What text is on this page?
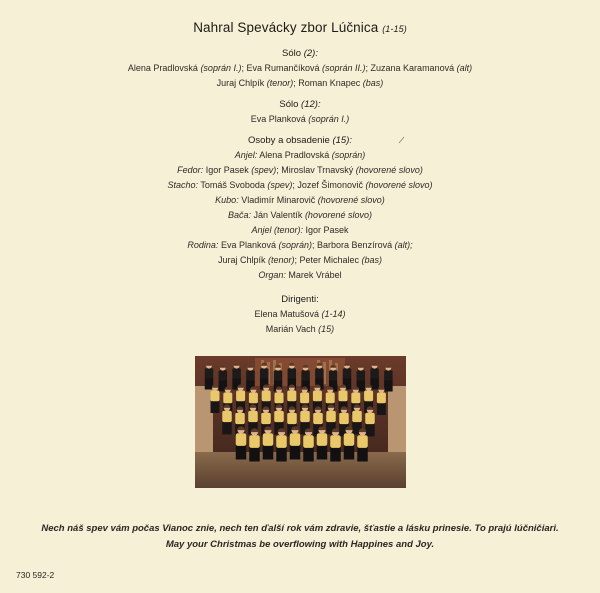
Nahral Spevácky zbor Lúčnica (1-15)
Sólo (2):
Alena Pradlovská (soprán I.); Eva Rumančíková (soprán II.); Zuzana Karamanová (alt)
Juraj Chlpík (tenor); Roman Knapec (bas)
Sólo (12):
Eva Planková (soprán I.)
Osoby a obsadenie (15):
Anjel: Alena Pradlovská (soprán)
Fedor: Igor Pasek (spev); Miroslav Trnavský (hovorené slovo)
Stacho: Tomáš Svoboda (spev); Jozef Šimonovič (hovorené slovo)
Kubo: Vladimír Minarovič (hovorené slovo)
Bača: Ján Valentík (hovorené slovo)
Anjel (tenor): Igor Pasek
Rodina: Eva Planková (soprán); Barbora Benzírová (alt);
Juraj Chlpík (tenor); Peter Michalec (bas)
Organ: Marek Vrábel
Dirigenti:
Elena Matušová (1-14)
Marián Vach (15)
Nech náš spev vám počas Vianoc znie, nech ten ďalší rok vám zdravie, šťastie a lásku prinesie. To prajú lúčničiari.
May your Christmas be overflowing with Happines and Joy.
730 592-2
